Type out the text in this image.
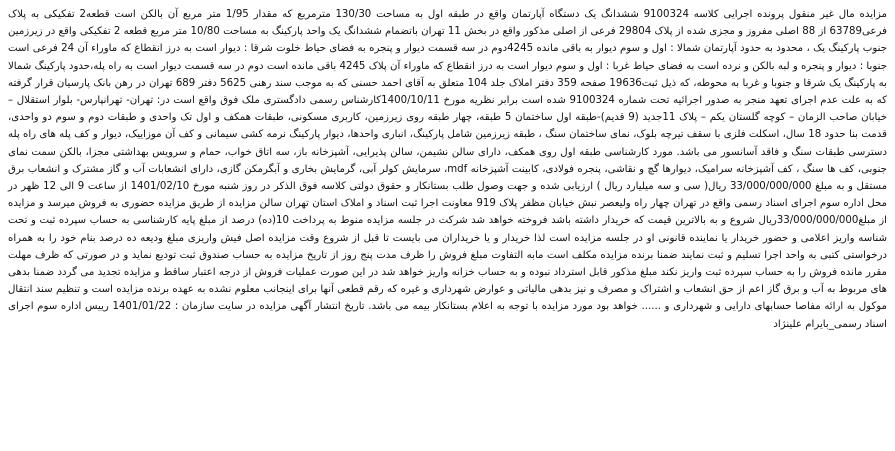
مزایده مال غیر منقول پرونده اجرایی کلاسه 9100324 ششدانگ یک دستگاه آپارتمان واقع در طبقه اول به مساحت 130/30 مترمربع که مقدار 1/95 متر مربع آن بالکن است قطعه2 تفکیکی به پلاک فرعی63789 از 88 اصلی مفروز و مجزی شده از پلاک 29804 فرعی از اصلی مذکور واقع در بخش 11 تهران باتضمام ششدانگ یک واحد پارکینگ به مساحت 10/80 متر مربع قطعه 2 تفکیکی واقع در زیرزمین جنوب پارکینگ یک ، محدود به حدود آپارتمان شمالا : اول و سوم دیوار به باقی مانده 4245دوم در سه قسمت دیوار و پنجره به فضای حیاط خلوت شرقا : دیوار است به درز انقطاع که ماوراء آن 24 فرعی است جنوبا : دیوار و پنجره و لبه بالکن و نرده است به فضای حیاط غربا : اول و سوم دیوار است به درز انقطاع که ماوراء آن پلاک 4245 باقی مانده است دوم در سه قسمت دیوار است به راه پله،حدود پارکینگ شمالا به پارکینگ یک شرقا و جنوبا و غربا به محوطه، که ذیل ثبت19636 صفحه 359 دفتر املاک جلد 104 متعلق به آقای احمد حسنی که به موجب سند رهنی 5625 دفتر 689 تهران در رهن بانک پارسیان قرار گرفته که به علت عدم اجرای تعهد منجر به صدور اجرائیه تحت شماره 9100324 شده است برابر نظریه مورخ 1400/10/11کارشناس رسمی دادگستری ملک فوق واقع است در: تهران- تهرانپارس- بلوار استقلال – خیابان صاحب الزمان – کوچه گلستان یکم – پلاک 11جدید (9 قدیم)-طبقه اول ساختمان 5 طبقه، چهار طبقه روی زیرزمین، کاربری مسکونی، طبقات همکف و اول تک واحدی و طبقات دوم و سوم دو واحدی، قدمت بنا حدود 18 سال، اسکلت فلزی با سقف تیرچه بلوک، نمای ساختمان سنگ ، طبقه زیرزمین شامل پارکینگ، انباری واحدها، دیوار پارکینگ نرمه کشی سیمانی و کف آن موزاییک، دیوار و کف پله های راه پله دسترسی طبقات سنگ و فاقد آسانسور می باشد. مورد کارشناسی طبقه اول روی همکف، دارای سالن نشیمن، سالن پذیرایی، آشپزخانه باز، سه اتاق خواب، حمام و سرویس بهداشتی مجزا، بالکن سمت نمای جنوبی، کف ها سنگ ، کف آشپزخانه سرامیک، دیوارها گچ و نقاشی، پنجره فولادی، کابینت آشپزخانه mdf، سرمایش کولر آبی، گرمایش بخاری و آبگرمکن گازی، دارای انشعابات آب و گاز مشترک و انشعاب برق مستقل و به مبلغ 33/000/000/000 ریال( سی و سه میلیارد ریال ) ارزیابی شده و جهت وصول طلب بستانکار و حقوق دولتی کلاسه فوق الذکر در روز شنبه مورخ 1401/02/10 از ساعت 9 الی 12 ظهر در محل اداره سوم اجرای اسناد رسمی واقع در تهران چهار راه ولیعصر نبش خیابان مظفر پلاک 919 معاونت اجرا ثبت اسناد و املاک استان تهران سالن مزایده از طریق مزایده حضوری به فروش میرسد و مزایده از مبلغ33/000/000/000ریال شروع و به بالاترین قیمت که خریدار داشته باشد فروخته خواهد شد شرکت در جلسه مزایده منوط به پرداخت 10(ده) درصد از مبلغ پایه کارشناسی به حساب سپرده ثبت و تحت شناسه واریز اعلامی و حضور خریدار یا نماینده قانونی او در جلسه مزایده است لذا خریدار و یا خریداران می بایست تا قبل از شروع وقت مزایده اصل فیش واریزی مبلغ ودیعه ده درصد بنام خود را به همراه درخواستی کتبی به واحد اجرا تسلیم و ثبت نمایند ضمنا برنده مزایده مکلف است مابه التفاوت مبلغ فروش را ظرف مدت پنج روز از تاریخ مزایده به حساب صندوق ثبت تودیع نماید و در صورتی که ظرف مهلت مقرر مانده فروش را به حساب سپرده ثبت واریز نکند مبلغ مذکور قابل استرداد نبوده و به حساب خزانه واریز خواهد شد در این صورت عملیات فروش از درجه اعتبار ساقط و مزایده تجدید می گردد ضمنا بدهی های مربوط به آب و برق گاز اعم از حق انشعاب و اشتراک و مصرف و نیز بدهی مالیاتی و عوارض شهرداری و غیره که رقم قطعی آنها برای اینجانب معلوم نشده به عهده برنده مزایده است و تنظیم سند انتقال موکول به ارائه مفاصا حسابهای دارایی و شهرداری و ...... خواهد بود مورد مزایده با توجه به اعلام بستانکار بیمه می باشد. تاریخ انتشار آگهی مزایده در سایت سازمان : 1401/01/22 رییس اداره سوم اجرای اسناد رسمی_بایرام علینژاد
